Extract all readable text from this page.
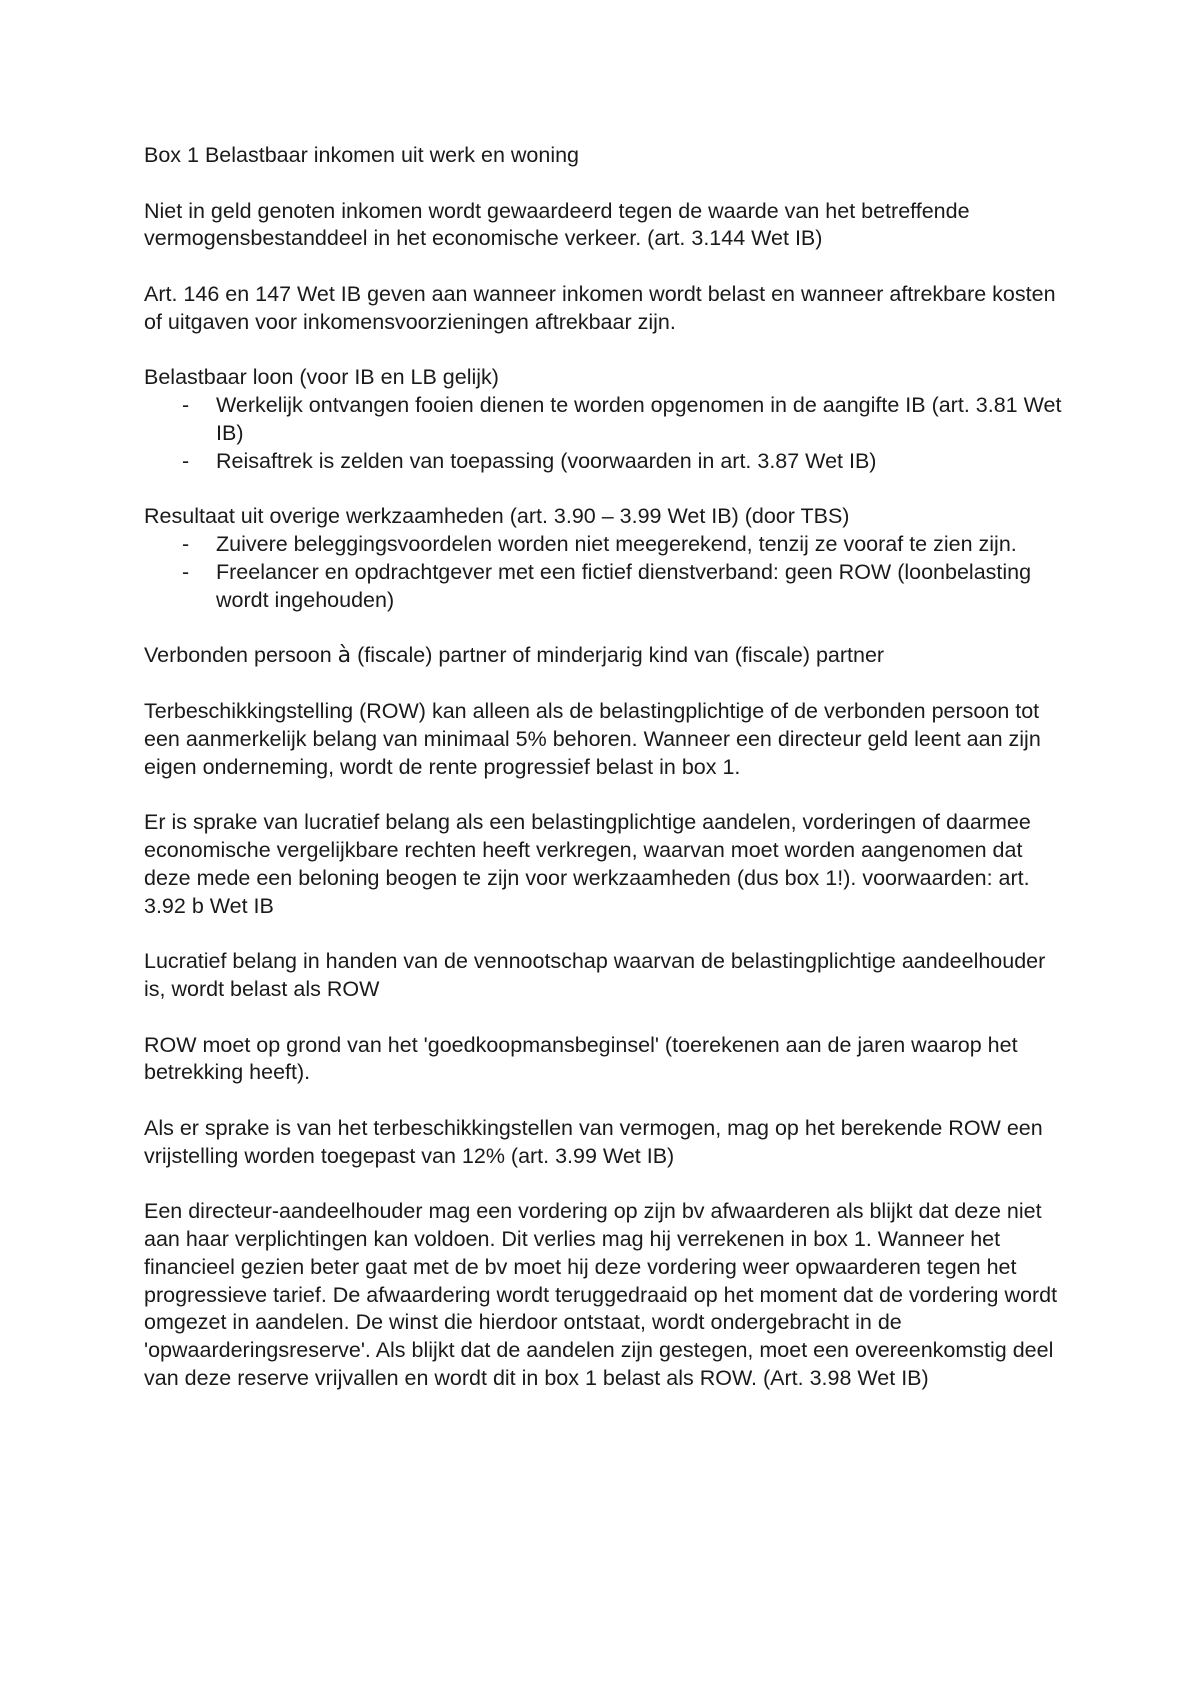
Box 1 Belastbaar inkomen uit werk en woning

Niet in geld genoten inkomen wordt gewaardeerd tegen de waarde van het betreffende vermogensbestanddeel in het economische verkeer. (art. 3.144 Wet IB)

Art. 146 en 147 Wet IB geven aan wanneer inkomen wordt belast en wanneer aftrekbare kosten of uitgaven voor inkomensvoorzieningen aftrekbaar zijn.

Belastbaar loon (voor IB en LB gelijk)

- Werkelijk ontvangen fooien dienen te worden opgenomen in de aangifte IB (art. 3.81 Wet IB)
- Reisaftrek is zelden van toepassing (voorwaarden in art. 3.87 Wet IB)

Resultaat uit overige werkzaamheden (art. 3.90 – 3.99 Wet IB) (door TBS)

- Zuivere beleggingsvoordelen worden niet meegerekend, tenzij ze vooraf te zien zijn.
- Freelancer en opdrachtgever met een fictief dienstverband: geen ROW (loonbelasting wordt ingehouden)

Verbonden persoon à (fiscale) partner of minderjarig kind van (fiscale) partner

Terbeschikkingstelling (ROW) kan alleen als de belastingplichtige of de verbonden persoon tot een aanmerkelijk belang van minimaal 5% behoren. Wanneer een directeur geld leent aan zijn eigen onderneming, wordt de rente progressief belast in box 1.

Er is sprake van lucratief belang als een belastingplichtige aandelen, vorderingen of daarmee economische vergelijkbare rechten heeft verkregen, waarvan moet worden aangenomen dat deze mede een beloning beogen te zijn voor werkzaamheden (dus box 1!). voorwaarden: art. 3.92 b Wet IB

Lucratief belang in handen van de vennootschap waarvan de belastingplichtige aandeelhouder is, wordt belast als ROW

ROW moet op grond van het 'goedkoopmansbeginsel' (toerekenen aan de jaren waarop het betrekking heeft).

Als er sprake is van het terbeschikkingstellen van vermogen, mag op het berekende ROW een vrijstelling worden toegepast van 12% (art. 3.99 Wet IB)

Een directeur-aandeelhouder mag een vordering op zijn bv afwaarderen als blijkt dat deze niet aan haar verplichtingen kan voldoen. Dit verlies mag hij verrekenen in box 1. Wanneer het financieel gezien beter gaat met de bv moet hij deze vordering weer opwaarderen tegen het progressieve tarief. De afwaardering wordt teruggedraaid op het moment dat de vordering wordt omgezet in aandelen. De winst die hierdoor ontstaat, wordt ondergebracht in de 'opwaarderingsreserve'. Als blijkt dat de aandelen zijn gestegen, moet een overeenkomstig deel van deze reserve vrijvallen en wordt dit in box 1 belast als ROW. (Art. 3.98 Wet IB)
